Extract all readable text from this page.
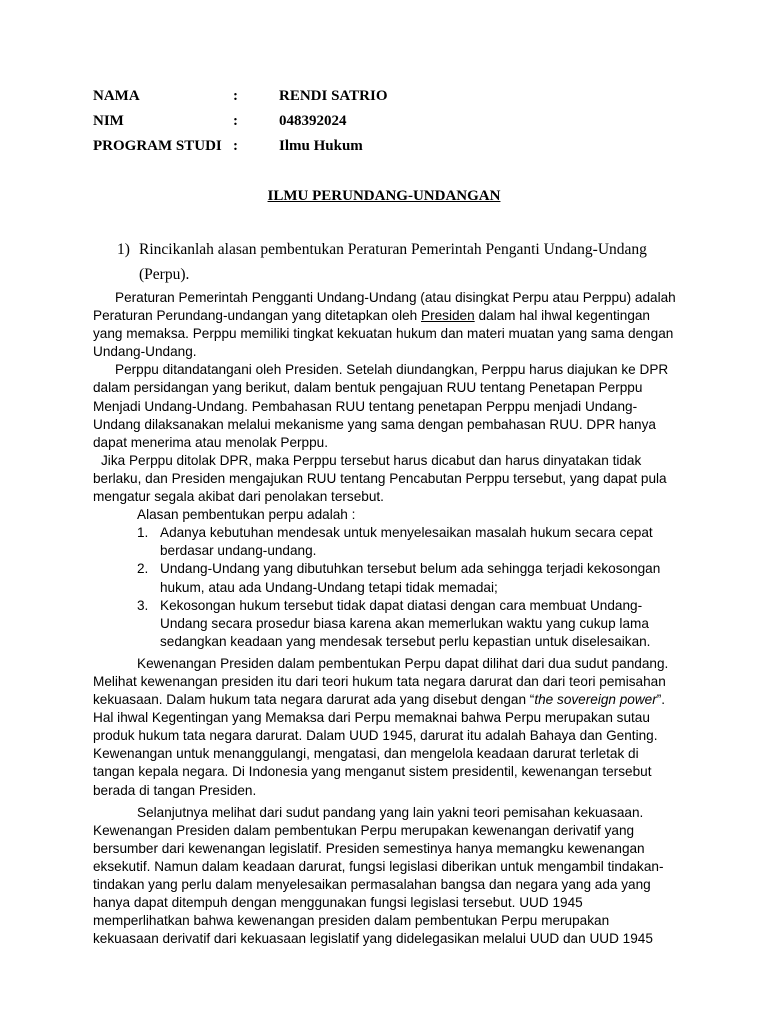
NAMA	:	RENDI SATRIO
NIM	:	048392024
PROGRAM STUDI :	Ilmu Hukum
ILMU PERUNDANG-UNDANGAN
1) Rincikanlah alasan pembentukan Peraturan Pemerintah Penganti Undang-Undang (Perpu).

Peraturan Pemerintah Pengganti Undang-Undang (atau disingkat Perpu atau Perppu) adalah Peraturan Perundang-undangan yang ditetapkan oleh Presiden dalam hal ihwal kegentingan yang memaksa. Perppu memiliki tingkat kekuatan hukum dan materi muatan yang sama dengan Undang-Undang.

Perppu ditandatangani oleh Presiden. Setelah diundangkan, Perppu harus diajukan ke DPR dalam persidangan yang berikut, dalam bentuk pengajuan RUU tentang Penetapan Perppu Menjadi Undang-Undang. Pembahasan RUU tentang penetapan Perppu menjadi Undang-Undang dilaksanakan melalui mekanisme yang sama dengan pembahasan RUU. DPR hanya dapat menerima atau menolak Perppu.

Jika Perppu ditolak DPR, maka Perppu tersebut harus dicabut dan harus dinyatakan tidak berlaku, dan Presiden mengajukan RUU tentang Pencabutan Perppu tersebut, yang dapat pula mengatur segala akibat dari penolakan tersebut.

Alasan pembentukan perpu adalah :

1. Adanya kebutuhan mendesak untuk menyelesaikan masalah hukum secara cepat berdasar undang-undang.
2. Undang-Undang yang dibutuhkan tersebut belum ada sehingga terjadi kekosongan hukum, atau ada Undang-Undang tetapi tidak memadai;
3. Kekosongan hukum tersebut tidak dapat diatasi dengan cara membuat Undang-Undang secara prosedur biasa karena akan memerlukan waktu yang cukup lama sedangkan keadaan yang mendesak tersebut perlu kepastian untuk diselesaikan.

Kewenangan Presiden dalam pembentukan Perpu dapat dilihat dari dua sudut pandang. Melihat kewenangan presiden itu dari teori hukum tata negara darurat dan dari teori pemisahan kekuasaan. Dalam hukum tata negara darurat ada yang disebut dengan “the sovereign power”. Hal ihwal Kegentingan yang Memaksa dari Perpu memaknai bahwa Perpu merupakan sutau produk hukum tata negara darurat. Dalam UUD 1945, darurat itu adalah Bahaya dan Genting. Kewenangan untuk menanggulangi, mengatasi, dan mengelola keadaan darurat terletak di tangan kepala negara. Di Indonesia yang menganut sistem presidentil, kewenangan tersebut berada di tangan Presiden.

Selanjutnya melihat dari sudut pandang yang lain yakni teori pemisahan kekuasaan. Kewenangan Presiden dalam pembentukan Perpu merupakan kewenangan derivatif yang bersumber dari kewenangan legislatif. Presiden semestinya hanya memangku kewenangan eksekutif. Namun dalam keadaan darurat, fungsi legislasi diberikan untuk mengambil tindakan-tindakan yang perlu dalam menyelesaikan permasalahan bangsa dan negara yang ada yang hanya dapat ditempuh dengan menggunakan fungsi legislasi tersebut. UUD 1945 memperlihatkan bahwa kewenangan presiden dalam pembentukan Perpu merupakan kekuasaan derivatif dari kekuasaan legislatif yang didelegasikan melalui UUD dan UUD 1945
